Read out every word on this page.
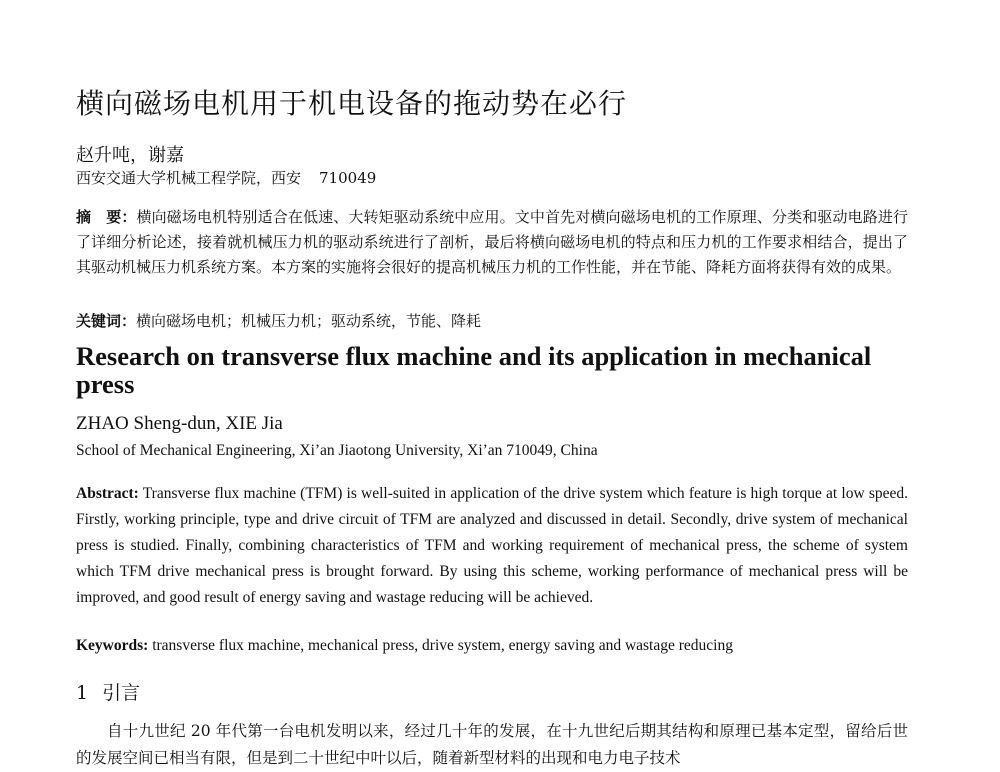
横向磁场电机用于机电设备的拖动势在必行
赵升吨，谢嘉
西安交通大学机械工程学院，西安 710049
摘　要：横向磁场电机特别适合在低速、大转矩驱动系统中应用。文中首先对横向磁场电机的工作原理、分类和驱动电路进行了详细分析论述，接着就机械压力机的驱动系统进行了剖析，最后将横向磁场电机的特点和压力机的工作要求相结合，提出了其驱动机械压力机系统方案。本方案的实施将会很好的提高机械压力机的工作性能，并在节能、降耗方面将获得有效的成果。
关键词：横向磁场电机；机械压力机；驱动系统，节能、降耗
Research on transverse flux machine and its application in mechanical press
ZHAO Sheng-dun, XIE Jia
School of Mechanical Engineering, Xi’an Jiaotong University, Xi’an 710049, China
Abstract: Transverse flux machine (TFM) is well-suited in application of the drive system which feature is high torque at low speed. Firstly, working principle, type and drive circuit of TFM are analyzed and discussed in detail. Secondly, drive system of mechanical press is studied. Finally, combining characteristics of TFM and working requirement of mechanical press, the scheme of system which TFM drive mechanical press is brought forward. By using this scheme, working performance of mechanical press will be improved, and good result of energy saving and wastage reducing will be achieved.
Keywords: transverse flux machine, mechanical press, drive system, energy saving and wastage reducing
1 引言
自十九世纪 20 年代第一台电机发明以来，经过几十年的发展，在十九世纪后期其结构和原理已基本定型，留给后世的发展空间已相当有限，但是到二十世纪中叶以后，随着新型材料的出现和电力电子技术
